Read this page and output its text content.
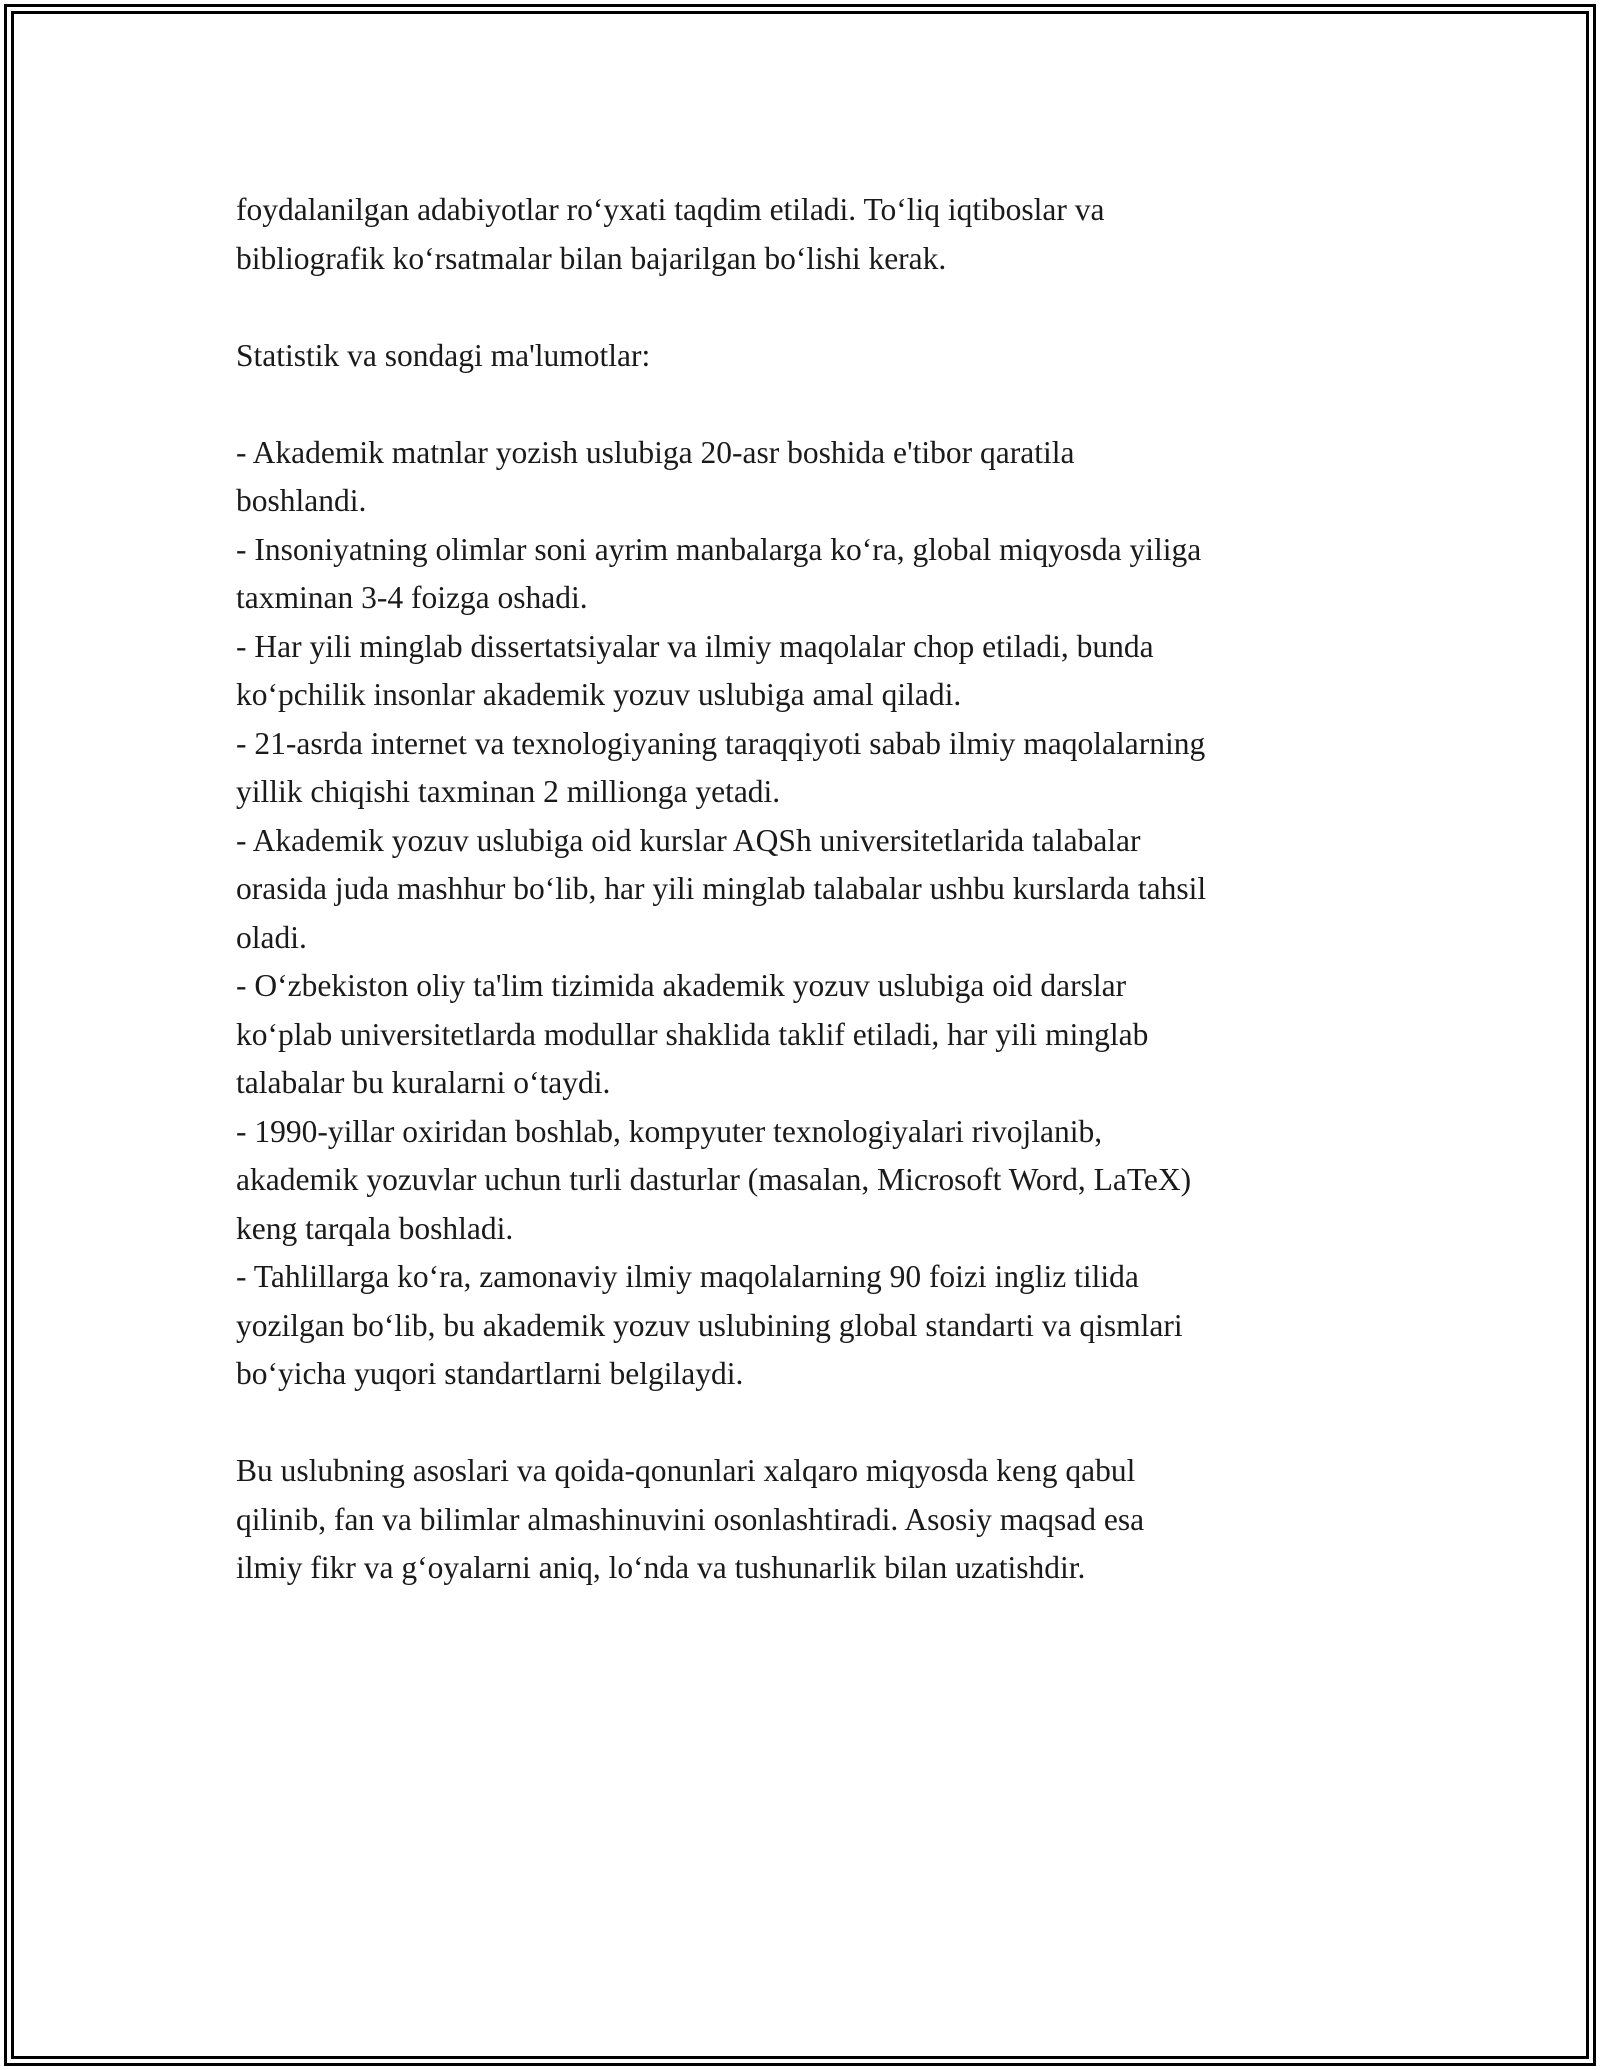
foydalanilgan adabiyotlar ro‘yxati taqdim etiladi. To‘liq iqtiboslar va

bibliografik ko‘rsatmalar bilan bajarilgan bo‘lishi kerak.

Statistik va sondagi ma'lumotlar:

- Akademik matnlar yozish uslubiga 20-asr boshida e'tibor qaratila

boshlandi.

- Insoniyatning olimlar soni ayrim manbalarga ko‘ra, global miqyosda yiliga

taxminan 3-4 foizga oshadi.

- Har yili minglab dissertatsiyalar va ilmiy maqolalar chop etiladi, bunda

ko‘pchilik insonlar akademik yozuv uslubiga amal qiladi.

- 21-asrda internet va texnologiyaning taraqqiyoti sabab ilmiy maqolalarning

yillik chiqishi taxminan 2 millionga yetadi.

- Akademik yozuv uslubiga oid kurslar AQSh universitetlarida talabalar

orasida juda mashhur bo‘lib, har yili minglab talabalar ushbu kurslarda tahsil

oladi.

- O‘zbekiston oliy ta'lim tizimida akademik yozuv uslubiga oid darslar

ko‘plab universitetlarda modullar shaklida taklif etiladi, har yili minglab

talabalar bu kuralarni o‘taydi.

- 1990-yillar oxiridan boshlab, kompyuter texnologiyalari rivojlanib,

akademik yozuvlar uchun turli dasturlar (masalan, Microsoft Word, LaTeX)

keng tarqala boshladi.

- Tahlillarga ko‘ra, zamonaviy ilmiy maqolalarning 90 foizi ingliz tilida

yozilgan bo‘lib, bu akademik yozuv uslubining global standarti va qismlari

bo‘yicha yuqori standartlarni belgilaydi.

Bu uslubning asoslari va qoida-qonunlari xalqaro miqyosda keng qabul

qilinib, fan va bilimlar almashinuvini osonlashtiradi. Asosiy maqsad esa

ilmiy fikr va g‘oyalarni aniq, lo‘nda va tushunarlik bilan uzatishdir.
